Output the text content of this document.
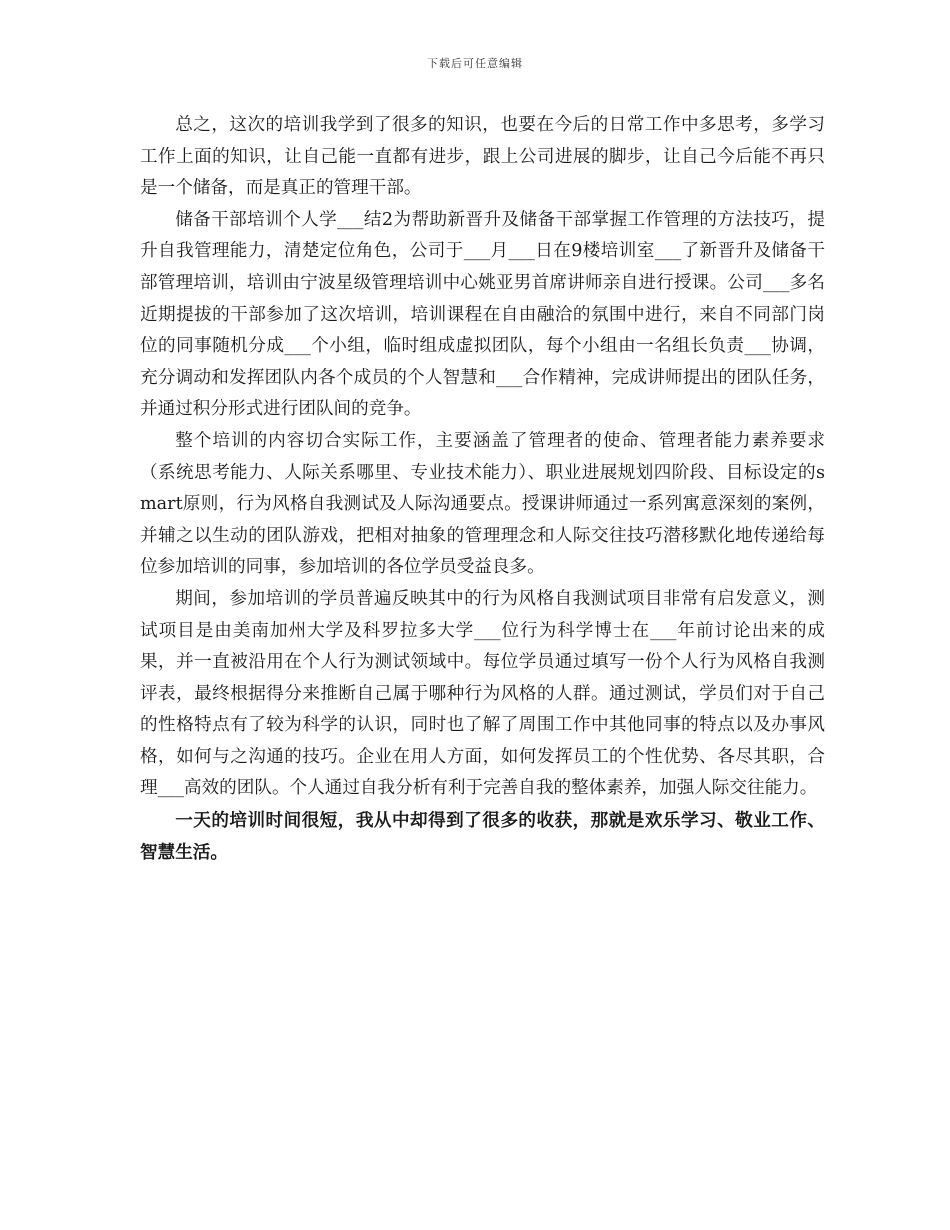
下载后可任意编辑

总之，这次的培训我学到了很多的知识，也要在今后的日常工作中多思考，多学习工作上面的知识，让自己能一直都有进步，跟上公司进展的脚步，让自己今后能不再只是一个储备，而是真正的管理干部。

储备干部培训个人学___结2为帮助新晋升及储备干部掌握工作管理的方法技巧，提升自我管理能力，清楚定位角色，公司于___月___日在9楼培训室___了新晋升及储备干部管理培训，培训由宁波星级管理培训中心姚亚男首席讲师亲自进行授课。公司___多名近期提拔的干部参加了这次培训，培训课程在自由融洽的氛围中进行，来自不同部门岗位的同事随机分成___个小组，临时组成虚拟团队，每个小组由一名组长负责___协调，充分调动和发挥团队内各个成员的个人智慧和___合作精神，完成讲师提出的团队任务，并通过积分形式进行团队间的竞争。

整个培训的内容切合实际工作，主要涵盖了管理者的使命、管理者能力素养要求（系统思考能力、人际关系哪里、专业技术能力）、职业进展规划四阶段、目标设定的smart原则，行为风格自我测试及人际沟通要点。授课讲师通过一系列寓意深刻的案例，并辅之以生动的团队游戏，把相对抽象的管理理念和人际交往技巧潜移默化地传递给每位参加培训的同事，参加培训的各位学员受益良多。

期间，参加培训的学员普遍反映其中的行为风格自我测试项目非常有启发意义，测试项目是由美南加州大学及科罗拉多大学___位行为科学博士在___年前讨论出来的成果，并一直被沿用在个人行为测试领域中。每位学员通过填写一份个人行为风格自我测评表，最终根据得分来推断自己属于哪种行为风格的人群。通过测试，学员们对于自己的性格特点有了较为科学的认识，同时也了解了周围工作中其他同事的特点以及办事风格，如何与之沟通的技巧。企业在用人方面，如何发挥员工的个性优势、各尽其职，合理___高效的团队。个人通过自我分析有利于完善自我的整体素养，加强人际交往能力。

一天的培训时间很短，我从中却得到了很多的收获，那就是欢乐学习、敬业工作、智慧生活。
